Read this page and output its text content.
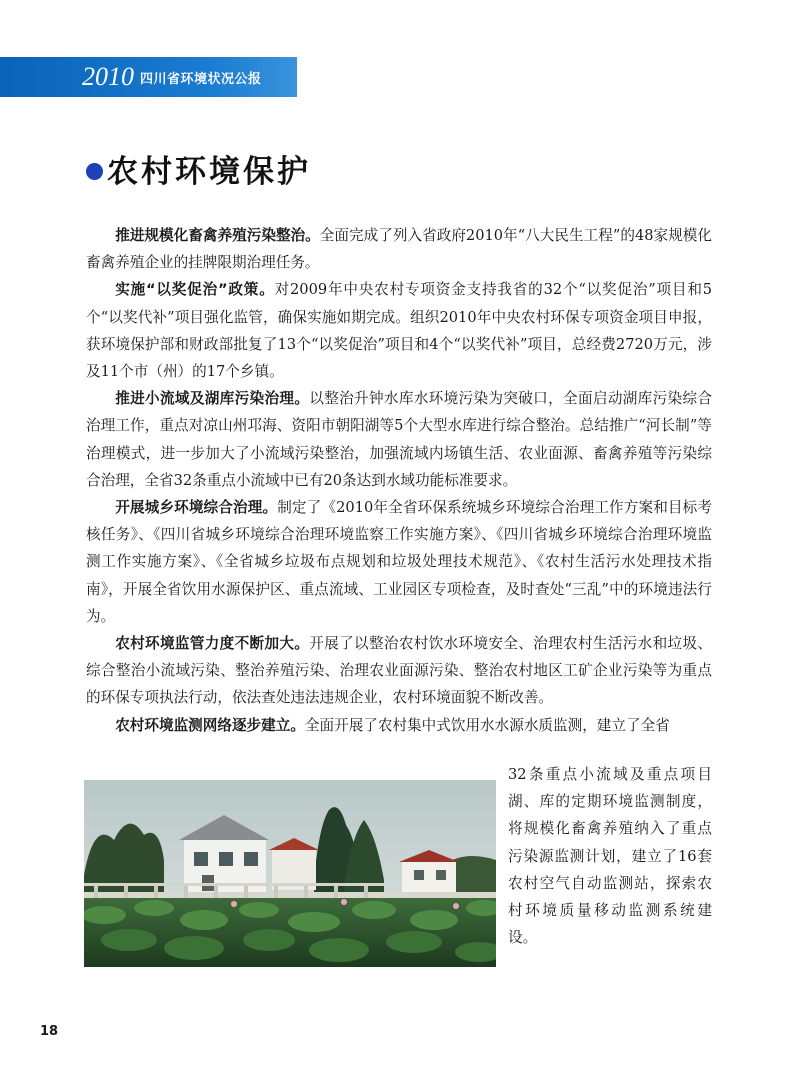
2010 四川省环境状况公报
农村环境保护

推进规模化畜禽养殖污染整治。全面完成了列入省政府2010年“八大民生工程”的48家规模化畜禽养殖企业的挂牌限期治理任务。

实施“以奖促治”政策。对2009年中央农村专项资金支持我省的32个“以奖促治”项目和5个“以奖代补”项目强化监管，确保实施如期完成。组织2010年中央农村环保专项资金项目申报，获环境保护部和财政部批复了13个“以奖促治”项目和4个“以奖代补”项目，总经费2720万元，涉及11个市（州）的17个乡镇。

推进小流域及湖库污染治理。以整治升钟水库水环境污染为突破口，全面启动湖库污染综合治理工作，重点对凉山州邛海、资阳市朝阳湖等5个大型水库进行综合整治。总结推广“河长制”等治理模式，进一步加大了小流域污染整治，加强流域内场镇生活、农业面源、畜禽养殖等污染综合治理，全省32条重点小流域中已有20条达到水域功能标准要求。

开展城乡环境综合治理。制定了《2010年全省环保系统城乡环境综合治理工作方案和目标考核任务》、《四川省城乡环境综合治理环境监察工作实施方案》、《四川省城乡环境综合治理环境监测工作实施方案》、《全省城乡垃圾布点规划和垃圾处理技术规范》、《农村生活污水处理技术指南》，开展全省饮用水源保护区、重点流域、工业园区专项检查，及时查处“三乱”中的环境违法行为。

农村环境监管力度不断加大。开展了以整治农村饮水环境安全、治理农村生活污水和垃圾、综合整治小流域污染、整治养殖污染、治理农业面源污染、整治农村地区工矿企业污染等为重点的环保专项执法行动，依法查处违法违规企业，农村环境面貌不断改善。

农村环境监测网络逐步建立。全面开展了农村集中式饮用水水源水质监测，建立了全省

32条重点小流域及重点项目湖、库的定期环境监测制度，将规模化畜禽养殖纳入了重点污染源监测计划，建立了16套农村空气自动监测站，探索农村环境质量移动监测系统建设。
18
